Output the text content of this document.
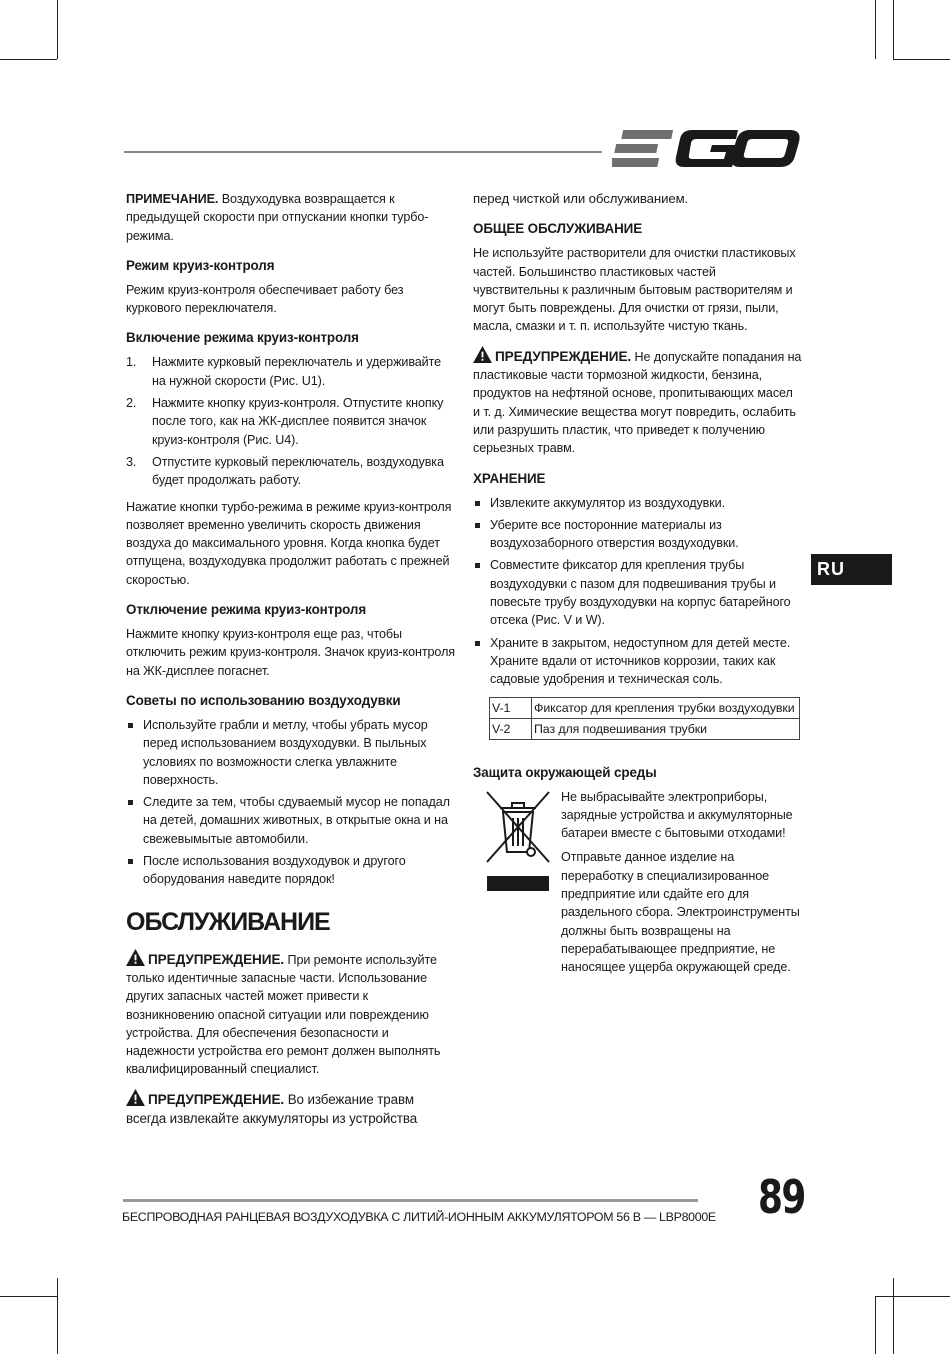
ПРИМЕЧАНИЕ. Воздуходувка возвращается к предыдущей скорости при отпускании кнопки турбо-режима.

Режим круиз-контроля

Режим круиз-контроля обеспечивает работу без куркового переключателя.

Включение режима круиз-контроля
1. Нажмите курковый переключатель и удерживайте на нужной скорости (Рис. U1).
2. Нажмите кнопку круиз-контроля. Отпустите кнопку после того, как на ЖК-дисплее появится значок круиз-контроля (Рис. U4).
3. Отпустите курковый переключатель, воздуходувка будет продолжать работу.

Нажатие кнопки турбо-режима в режиме круиз-контроля позволяет временно увеличить скорость движения воздуха до максимального уровня. Когда кнопка будет отпущена, воздуходувка продолжит работать с прежней скоростью.

Отключение режима круиз-контроля

Нажмите кнопку круиз-контроля еще раз, чтобы отключить режим круиз-контроля. Значок круиз-контроля на ЖК-дисплее погаснет.

Советы по использованию воздуходувки
Используйте грабли и метлу, чтобы убрать мусор перед использованием воздуходувки. В пыльных условиях по возможности слегка увлажните поверхность.
Следите за тем, чтобы сдуваемый мусор не попадал на детей, домашних животных, в открытые окна и на свежевымытые автомобили.
После использования воздуходувок и другого оборудования наведите порядок!
ОБСЛУЖИВАНИЕ

ПРЕДУПРЕЖДЕНИЕ. При ремонте используйте только идентичные запасные части. Использование других запасных частей может привести к возникновению опасной ситуации или повреждению устройства. Для обеспечения безопасности и надежности устройства его ремонт должен выполнять квалифицированный специалист.

ПРЕДУПРЕЖДЕНИЕ. Во избежание травм всегда извлекайте аккумуляторы из устройства

перед чисткой или обслуживанием.

ОБЩЕЕ ОБСЛУЖИВАНИЕ

Не используйте растворители для очистки пластиковых частей. Большинство пластиковых частей чувствительны к различным бытовым растворителям и могут быть повреждены. Для очистки от грязи, пыли, масла, смазки и т. п. используйте чистую ткань.

ПРЕДУПРЕЖДЕНИЕ. Не допускайте попадания на пластиковые части тормозной жидкости, бензина, продуктов на нефтяной основе, пропитывающих масел и т. д. Химические вещества могут повредить, ослабить или разрушить пластик, что приведет к получению серьезных травм.

ХРАНЕНИЕ
Извлеките аккумулятор из воздуходувки.
Уберите все посторонние материалы из воздухозаборного отверстия воздуходувки.
Совместите фиксатор для крепления трубы воздуходувки с пазом для подвешивания трубы и повесьте трубу воздуходувки на корпус батарейного отсека (Рис. V и W).
Храните в закрытом, недоступном для детей месте. Храните вдали от источников коррозии, таких как садовые удобрения и техническая соль.
V-1	Фиксатор для крепления трубки воздуходувки
V-2	Паз для подвешивания трубки
Защита окружающей среды

Не выбрасывайте электроприборы, зарядные устройства и аккумуляторные батареи вместе с бытовыми отходами!

Отправьте данное изделие на переработку в специализированное предприятие или сдайте его для раздельного сбора. Электроинструменты должны быть возвращены на перерабатывающее предприятие, не наносящее ущерба окружающей среде.

RU
БЕСПРОВОДНАЯ РАНЦЕВАЯ ВОЗДУХОДУВКА С ЛИТИЙ-ИОННЫМ АККУМУЛЯТОРОМ 56 В — LBP8000E 89
